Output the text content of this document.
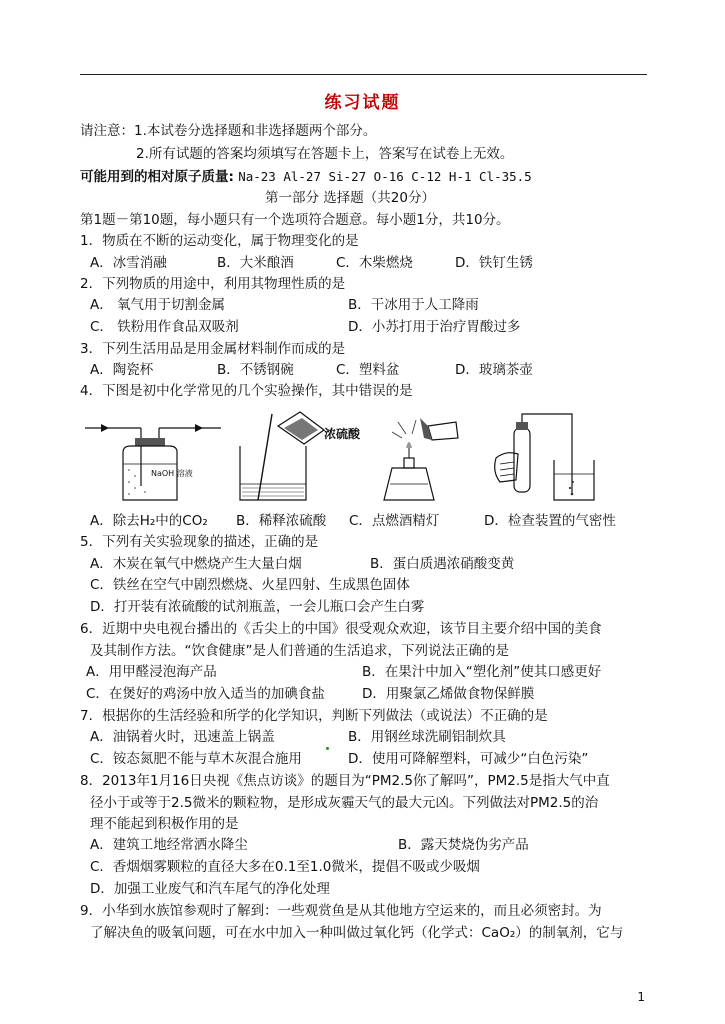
练习试题
请注意：1.本试卷分选择题和非选择题两个部分。
2.所有试题的答案均须填写在答题卡上，答案写在试卷上无效。
可能用到的相对原子质量: Na-23 Al-27 Si-27 O-16 C-12 H-1 Cl-35.5
第一部分 选择题（共20分）
第1题－第10题，每小题只有一个选项符合题意。每小题1分，共10分。
1．物质在不断的运动变化，属于物理变化的是
A．冰雪消融	B．大米酿酒	C．木柴燃烧	D．铁钉生锈
2．下列物质的用途中，利用其物理性质的是
A． 氧气用于切割金属	B．干冰用于人工降雨
C． 铁粉用作食品双吸剂	D．小苏打用于治疗胃酸过多
3．下列生活用品是用金属材料制作而成的是
A．陶瓷杯	B．不锈钢碗	C．塑料盆	D．玻璃茶壶
4．下图是初中化学常见的几个实验操作，其中错误的是
NaOH 溶液
浓硫酸
A．除去H₂中的CO₂ B．稀释浓硫酸 C．点燃酒精灯	D．检查装置的气密性
5．下列有关实验现象的描述，正确的是
A．木炭在氧气中燃烧产生大量白烟	B．蛋白质遇浓硝酸变黄
C．铁丝在空气中剧烈燃烧、火星四射、生成黑色固体
D．打开装有浓硫酸的试剂瓶盖，一会儿瓶口会产生白雾
6．近期中央电视台播出的《舌尖上的中国》很受观众欢迎，该节目主要介绍中国的美食
及其制作方法。“饮食健康”是人们普通的生活追求，下列说法正确的是
A．用甲醛浸泡海产品	B．在果汁中加入“塑化剂”使其口感更好
C．在煲好的鸡汤中放入适当的加碘食盐	D．用聚氯乙烯做食物保鲜膜
7．根据你的生活经验和所学的化学知识，判断下列做法（或说法）不正确的是
A．油锅着火时，迅速盖上锅盖	B．用钢丝球洗刷铝制炊具
C．铵态氮肥不能与草木灰混合施用	D．使用可降解塑料，可减少“白色污染”
8．2013年1月16日央视《焦点访谈》的题目为“PM2.5你了解吗”，PM2.5是指大气中直
径小于或等于2.5微米的颗粒物，是形成灰霾天气的最大元凶。下列做法对PM2.5的治
理不能起到积极作用的是
A．建筑工地经常洒水降尘	B．露天焚烧伪劣产品
C．香烟烟雾颗粒的直径大多在0.1至1.0微米，提倡不吸或少吸烟
D．加强工业废气和汽车尾气的净化处理
9．小华到水族馆参观时了解到：一些观赏鱼是从其他地方空运来的，而且必须密封。为
了解决鱼的吸氧问题，可在水中加入一种叫做过氧化钙（化学式：CaO₂）的制氧剂，它与
1
